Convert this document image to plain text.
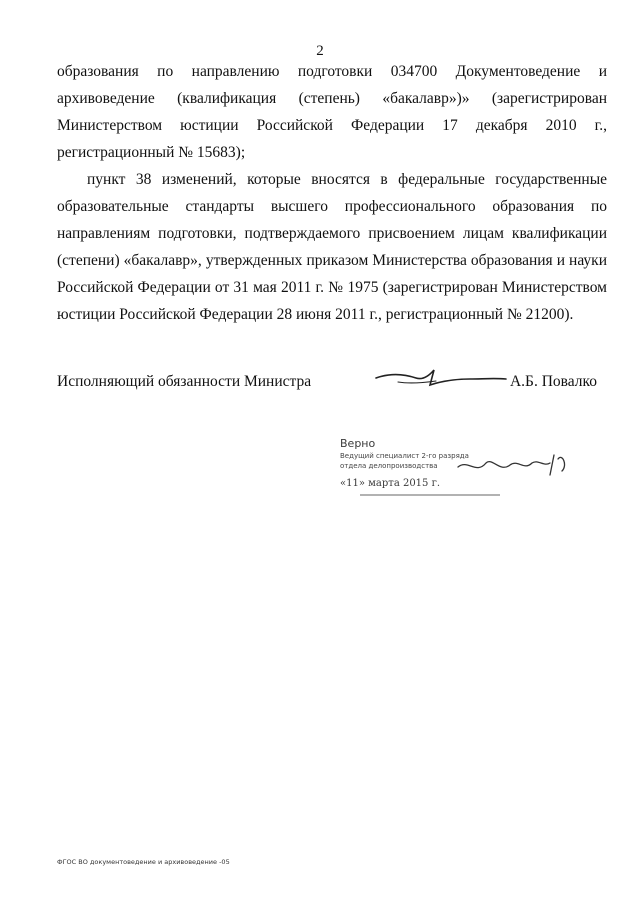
2

образования по направлению подготовки 034700 Документоведение и архивоведение (квалификация (степень) «бакалавр»)» (зарегистрирован Министерством юстиции Российской Федерации 17 декабря 2010 г., регистрационный № 15683);

пункт 38 изменений, которые вносятся в федеральные государственные образовательные стандарты высшего профессионального образования по направлениям подготовки, подтверждаемого присвоением лицам квалификации (степени) «бакалавр», утвержденных приказом Министерства образования и науки Российской Федерации от 31 мая 2011 г. № 1975 (зарегистрирован Министерством юстиции Российской Федерации 28 июня 2011 г., регистрационный № 21200).

Исполняющий обязанности Министра	А.Б. Повалко
Верно
Ведущий специалист 2-го разряда
отдела делопроизводства
«11» марта 2015 г.
ФГОС ВО документоведение и архивоведение -05
